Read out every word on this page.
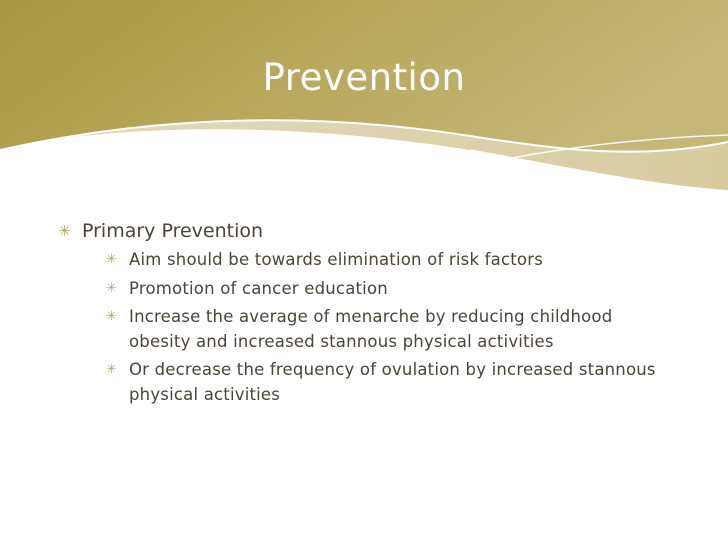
Prevention
✳ Primary Prevention
✳ Aim should be towards elimination of risk factors
✳ Promotion of cancer education
✳ Increase the average of menarche by reducing childhood obesity and increased stannous physical activities
✳ Or decrease the frequency of ovulation by increased stannous physical activities
